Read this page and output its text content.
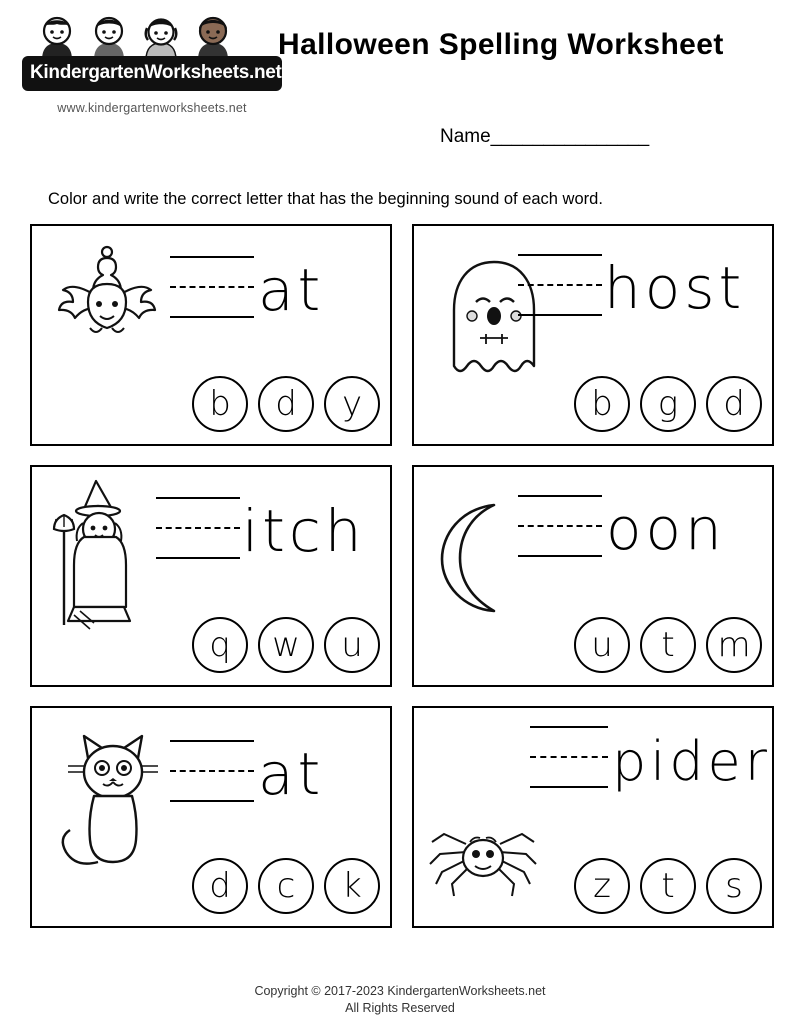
KindergartenWorksheets.net
www.kindergartenworksheets.net
Halloween Spelling Worksheet
Name_______________
Color and write the correct letter that has the beginning sound of each word.
at
b	d	y
host
b	g	d
itch
q	w	u
oon
u	t	m
at
d	c	k
pider
z	t	s
Copyright © 2017-2023 KindergartenWorksheets.net
All Rights Reserved
